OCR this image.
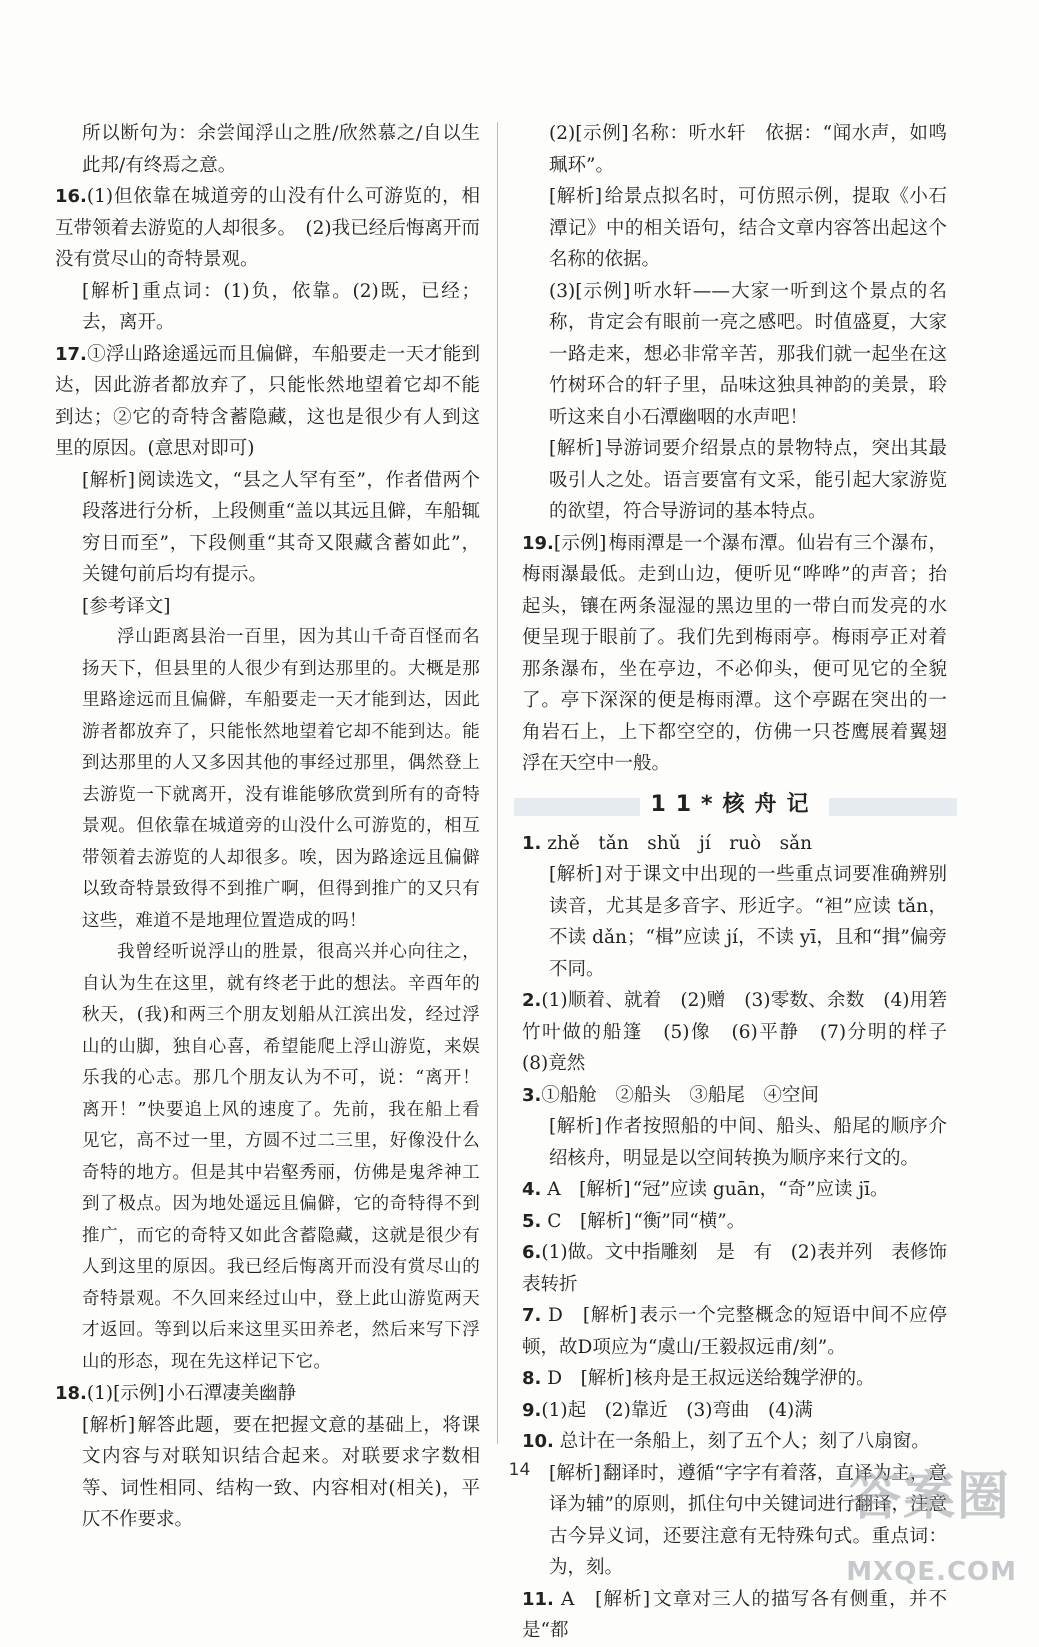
所以断句为：余尝闻浮山之胜/欣然慕之/自以生此邦/有终焉之意。

16.(1)但依靠在城道旁的山没有什么可游览的，相互带领着去游览的人却很多。　(2)我已经后悔离开而没有赏尽山的奇特景观。

[ 解析 ] 重点词：(1)负，依靠。(2)既，已经；去，离开。

17.①浮山路途遥远而且偏僻，车船要走一天才能到达，因此游者都放弃了，只能怅然地望着它却不能到达；②它的奇特含蓄隐藏，这也是很少有人到这里的原因。(意思对即可)

[ 解析 ] 阅读选文，“县之人罕有至”，作者借两个段落进行分析，上段侧重“盖以其远且僻，车船辄穷日而至”，下段侧重“其奇又限藏含蓄如此”，关键句前后均有提示。

[ 参考译文 ]

浮山距离县治一百里，因为其山千奇百怪而名扬天下，但县里的人很少有到达那里的。大概是那里路途远而且偏僻，车船要走一天才能到达，因此游者都放弃了，只能怅然地望着它却不能到达。能到达那里的人又多因其他的事经过那里，偶然登上去游览一下就离开，没有谁能够欣赏到所有的奇特景观。但依靠在城道旁的山没什么可游览的，相互带领着去游览的人却很多。唉，因为路途远且偏僻以致奇特景致得不到推广啊，但得到推广的又只有这些，难道不是地理位置造成的吗！

我曾经听说浮山的胜景，很高兴并心向往之，自认为生在这里，就有终老于此的想法。辛酉年的秋天，(我)和两三个朋友划船从江滨出发，经过浮山的山脚，独自心喜，希望能爬上浮山游览，来娱乐我的心志。那几个朋友认为不可，说：“离开！离开！”快要追上风的速度了。先前，我在船上看见它，高不过一里，方圆不过二三里，好像没什么奇特的地方。但是其中岩壑秀丽，仿佛是鬼斧神工到了极点。因为地处遥远且偏僻，它的奇特得不到推广，而它的奇特又如此含蓄隐藏，这就是很少有人到这里的原因。我已经后悔离开而没有赏尽山的奇特景观。不久回来经过山中，登上此山游览两天才返回。等到以后来这里买田养老，然后来写下浮山的形态，现在先这样记下它。

18.(1) [ 示例 ] 小石潭凄美幽静

[ 解析 ] 解答此题，要在把握文意的基础上，将课文内容与对联知识结合起来。对联要求字数相等、词性相同、结构一致、内容相对(相关)，平仄不作要求。

(2) [ 示例 ] 名称：听水轩　依据：“闻水声，如鸣珮环”。

[ 解析 ] 给景点拟名时，可仿照示例，提取《小石潭记》中的相关语句，结合文章内容答出起这个名称的依据。

(3) [ 示例 ] 听水轩——大家一听到这个景点的名称，肯定会有眼前一亮之感吧。时值盛夏，大家一路走来，想必非常辛苦，那我们就一起坐在这竹树环合的轩子里，品味这独具神韵的美景，聆听这来自小石潭幽咽的水声吧！

[ 解析 ] 导游词要介绍景点的景物特点，突出其最吸引人之处。语言要富有文采，能引起大家游览的欲望，符合导游词的基本特点。

19. [ 示例 ] 梅雨潭是一个瀑布潭。仙岩有三个瀑布，梅雨瀑最低。走到山边，便听见“哗哗”的声音；抬起头，镶在两条湿湿的黑边里的一带白而发亮的水便呈现于眼前了。我们先到梅雨亭。梅雨亭正对着那条瀑布，坐在亭边，不必仰头，便可见它的全貌了。亭下深深的便是梅雨潭。这个亭踞在突出的一角岩石上，上下都空空的，仿佛一只苍鹰展着翼翅浮在天空中一般。

11*核舟记

1. zhě　tǎn　shǔ　jí　ruò　sǎn

[ 解析 ] 对于课文中出现的一些重点词要准确辨别读音，尤其是多音字、形近字。“袒”应读 tǎn，不读 dǎn；“楫”应读 jí，不读 yī，且和“揖”偏旁不同。

2.(1)顺着、就着　(2)赠　(3)零数、余数　(4)用箬竹叶做的船篷　(5)像　(6)平静　(7)分明的样子　(8)竟然

3.①船舱　②船头　③船尾　④空间

[ 解析 ] 作者按照船的中间、船头、船尾的顺序介绍核舟，明显是以空间转换为顺序来行文的。

4. A　 [ 解析 ] “冠”应读 guān，“奇”应读 jī。

5. C　 [ 解析 ] “衡”同“横”。

6.(1)做。文中指雕刻　是　有　(2)表并列　表修饰　表转折

7. D　 [ 解析 ] 表示一个完整概念的短语中间不应停顿，故D项应为“虞山/王毅叔远甫/刻”。

8. D　 [ 解析 ] 核舟是王叔远送给魏学洢的。

9.(1)起　(2)靠近　(3)弯曲　(4)满

10. 总计在一条船上，刻了五个人；刻了八扇窗。

[ 解析 ] 翻译时，遵循“字字有着落，直译为主，意译为辅”的原则，抓住句中关键词进行翻译，注意古今异义词，还要注意有无特殊句式。重点词：为，刻。

11. A　 [ 解析 ] 文章对三人的描写各有侧重，并不是“都

14	答案圈
MXQE.COM
